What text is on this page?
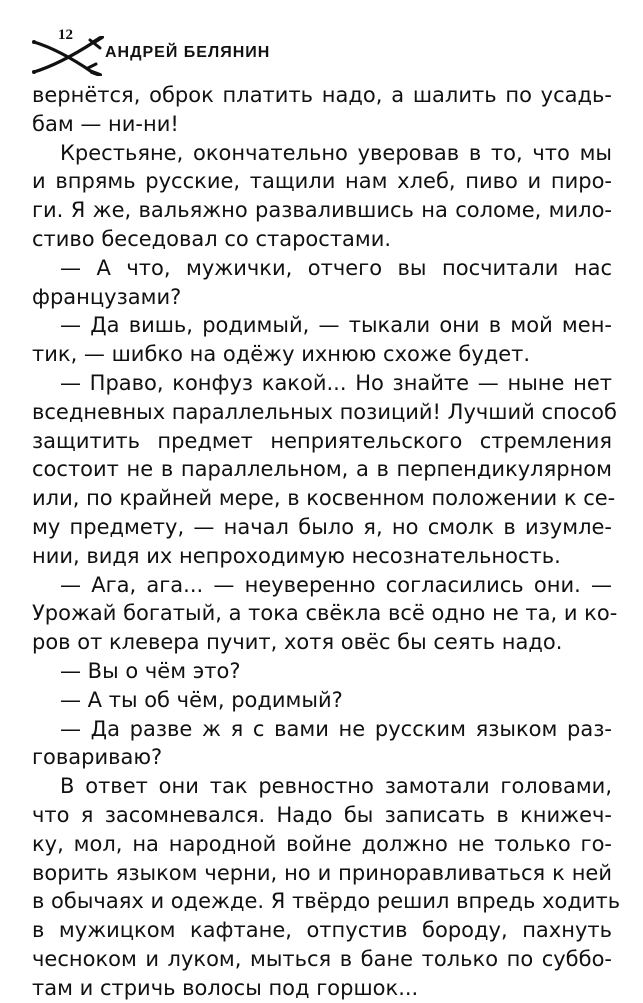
12
АНДРЕЙ БЕЛЯНИН
вернётся, оброк платить надо, а шалить по усадь-
бам — ни-ни!
Крестьяне, окончательно уверовав в то, что мы
и впрямь русские, тащили нам хлеб, пиво и пиро-
ги. Я же, вальяжно развалившись на соломе, мило-
стиво беседовал со старостами.
— А что, мужички, отчего вы посчитали нас
французами?
— Да вишь, родимый, — тыкали они в мой мен-
тик, — шибко на одёжу ихнюю схоже будет.
— Право, конфуз какой... Но знайте — ныне нет
вседневных параллельных позиций! Лучший способ
защитить предмет неприятельского стремления
состоит не в параллельном, а в перпендикулярном
или, по крайней мере, в косвенном положении к се-
му предмету, — начал было я, но смолк в изумле-
нии, видя их непроходимую несознательность.
— Ага, ага... — неуверенно согласились они. —
Урожай богатый, а тока свёкла всё одно не та, и ко-
ров от клевера пучит, хотя овёс бы сеять надо.
— Вы о чём это?
— А ты об чём, родимый?
— Да разве ж я с вами не русским языком раз-
говариваю?
В ответ они так ревностно замотали головами,
что я засомневался. Надо бы записать в книжеч-
ку, мол, на народной войне должно не только го-
ворить языком черни, но и приноравливаться к ней
в обычаях и одежде. Я твёрдо решил впредь ходить
в мужицком кафтане, отпустив бороду, пахнуть
чесноком и луком, мыться в бане только по суббо-
там и стричь волосы под горшок...
